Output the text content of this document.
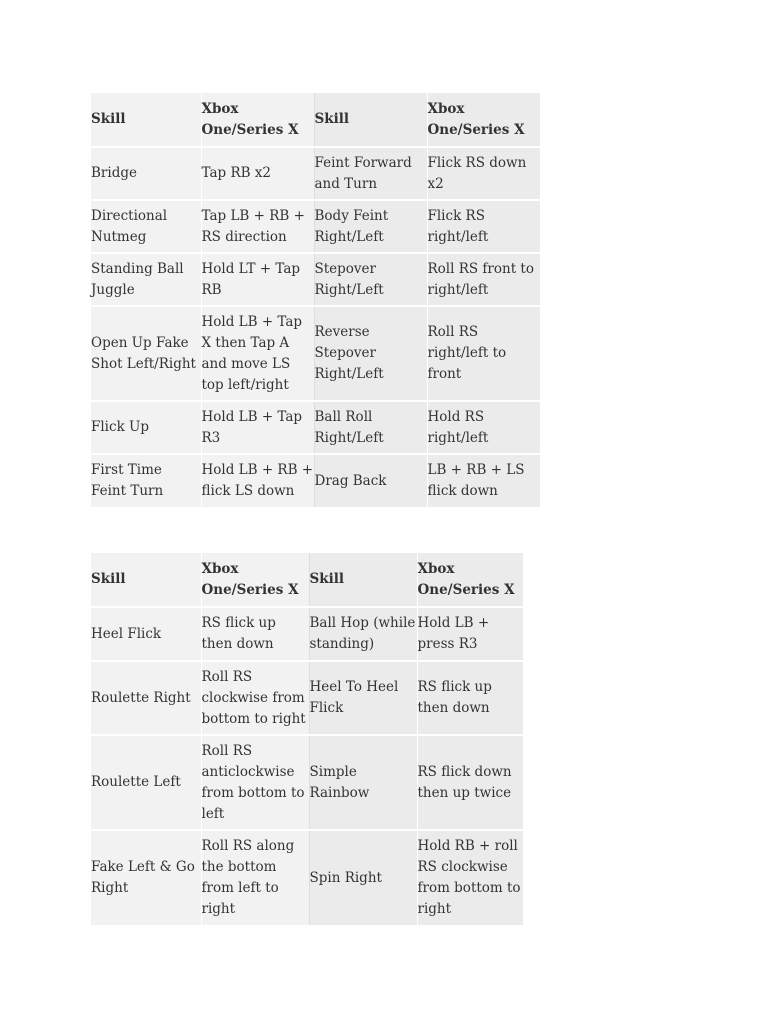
Skill	Xbox One/Series X	Skill	Xbox One/Series X

Bridge	Tap RB x2	Feint Forward and Turn	Flick RS down x2

Directional Nutmeg	Tap LB + RB + RS direction	Body Feint Right/Left	Flick RS right/left

Standing Ball Juggle	Hold LT + Tap RB	Stepover Right/Left	Roll RS front to right/left

Open Up Fake Shot Left/Right	Hold LB + Tap X then Tap A and move LS top left/right	Reverse Stepover Right/Left	Roll RS right/left to front

Flick Up	Hold LB + Tap R3	Ball Roll Right/Left	Hold RS right/left

First Time Feint Turn	Hold LB + RB + flick LS down	Drag Back	LB + RB + LS flick down
Skill	Xbox One/Series X	Skill	Xbox One/Series X

Heel Flick	RS flick up then down	Ball Hop (while standing)	Hold LB + press R3

Roulette Right	Roll RS clockwise from bottom to right	Heel To Heel Flick	RS flick up then down

Roulette Left	Roll RS anticlockwise from bottom to left	Simple Rainbow	RS flick down then up twice

Fake Left & Go Right	Roll RS along the bottom from left to right	Spin Right	Hold RB + roll RS clockwise from bottom to right
